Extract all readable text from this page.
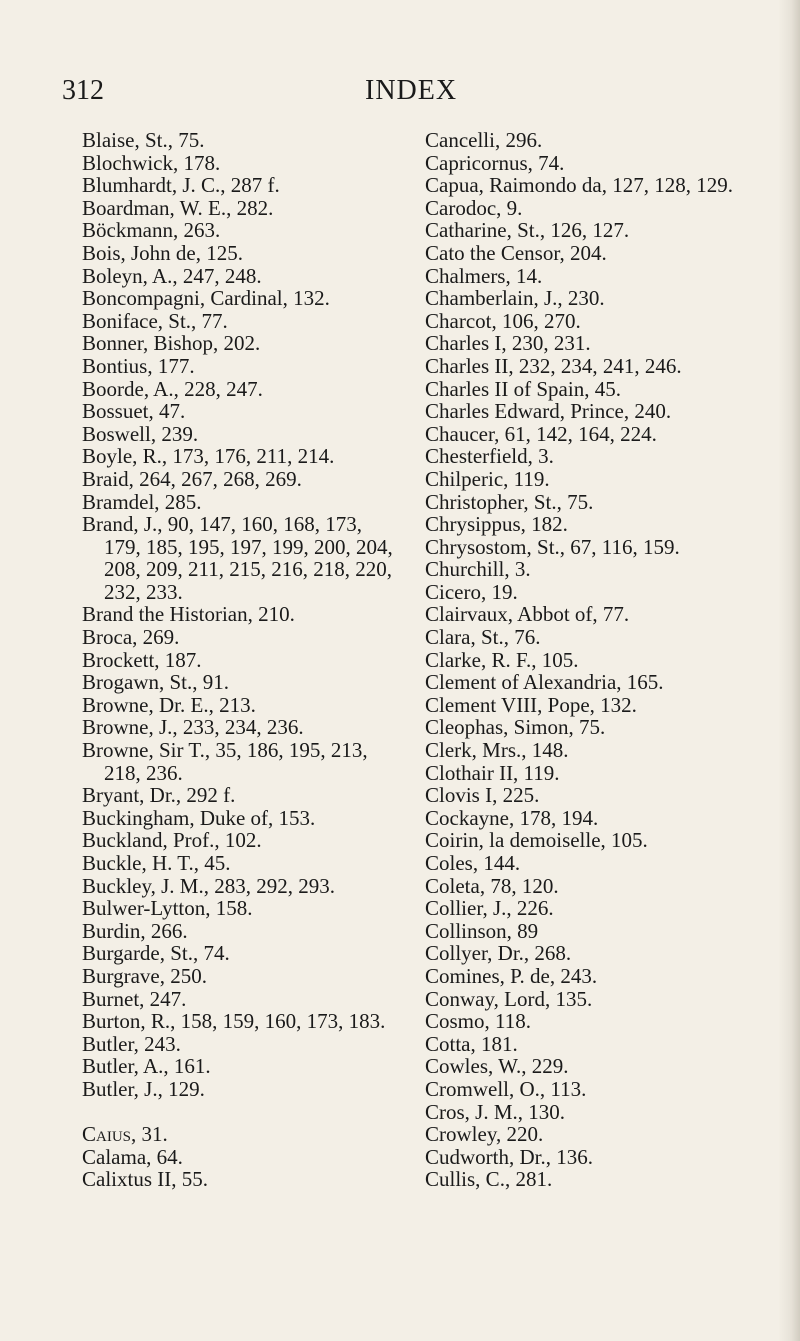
312	INDEX
Blaise, St., 75.
Blochwick, 178.
Blumhardt, J. C., 287 f.
Boardman, W. E., 282.
Böckmann, 263.
Bois, John de, 125.
Boleyn, A., 247, 248.
Boncompagni, Cardinal, 132.
Boniface, St., 77.
Bonner, Bishop, 202.
Bontius, 177.
Boorde, A., 228, 247.
Bossuet, 47.
Boswell, 239.
Boyle, R., 173, 176, 211, 214.
Braid, 264, 267, 268, 269.
Bramdel, 285.
Brand, J., 90, 147, 160, 168, 173, 179, 185, 195, 197, 199, 200, 204, 208, 209, 211, 215, 216, 218, 220, 232, 233.
Brand the Historian, 210.
Broca, 269.
Brockett, 187.
Brogawn, St., 91.
Browne, Dr. E., 213.
Browne, J., 233, 234, 236.
Browne, Sir T., 35, 186, 195, 213, 218, 236.
Bryant, Dr., 292 f.
Buckingham, Duke of, 153.
Buckland, Prof., 102.
Buckle, H. T., 45.
Buckley, J. M., 283, 292, 293.
Bulwer-Lytton, 158.
Burdin, 266.
Burgarde, St., 74.
Burgrave, 250.
Burnet, 247.
Burton, R., 158, 159, 160, 173, 183.
Butler, 243.
Butler, A., 161.
Butler, J., 129.
Caius, 31.
Calama, 64.
Calixtus II, 55.
Cancelli, 296.
Capricornus, 74.
Capua, Raimondo da, 127, 128, 129.
Carodoc, 9.
Catharine, St., 126, 127.
Cato the Censor, 204.
Chalmers, 14.
Chamberlain, J., 230.
Charcot, 106, 270.
Charles I, 230, 231.
Charles II, 232, 234, 241, 246.
Charles II of Spain, 45.
Charles Edward, Prince, 240.
Chaucer, 61, 142, 164, 224.
Chesterfield, 3.
Chilperic, 119.
Christopher, St., 75.
Chrysippus, 182.
Chrysostom, St., 67, 116, 159.
Churchill, 3.
Cicero, 19.
Clairvaux, Abbot of, 77.
Clara, St., 76.
Clarke, R. F., 105.
Clement of Alexandria, 165.
Clement VIII, Pope, 132.
Cleophas, Simon, 75.
Clerk, Mrs., 148.
Clothair II, 119.
Clovis I, 225.
Cockayne, 178, 194.
Coirin, la demoiselle, 105.
Coles, 144.
Coleta, 78, 120.
Collier, J., 226.
Collinson, 89
Collyer, Dr., 268.
Comines, P. de, 243.
Conway, Lord, 135.
Cosmo, 118.
Cotta, 181.
Cowles, W., 229.
Cromwell, O., 113.
Cros, J. M., 130.
Crowley, 220.
Cudworth, Dr., 136.
Cullis, C., 281.
